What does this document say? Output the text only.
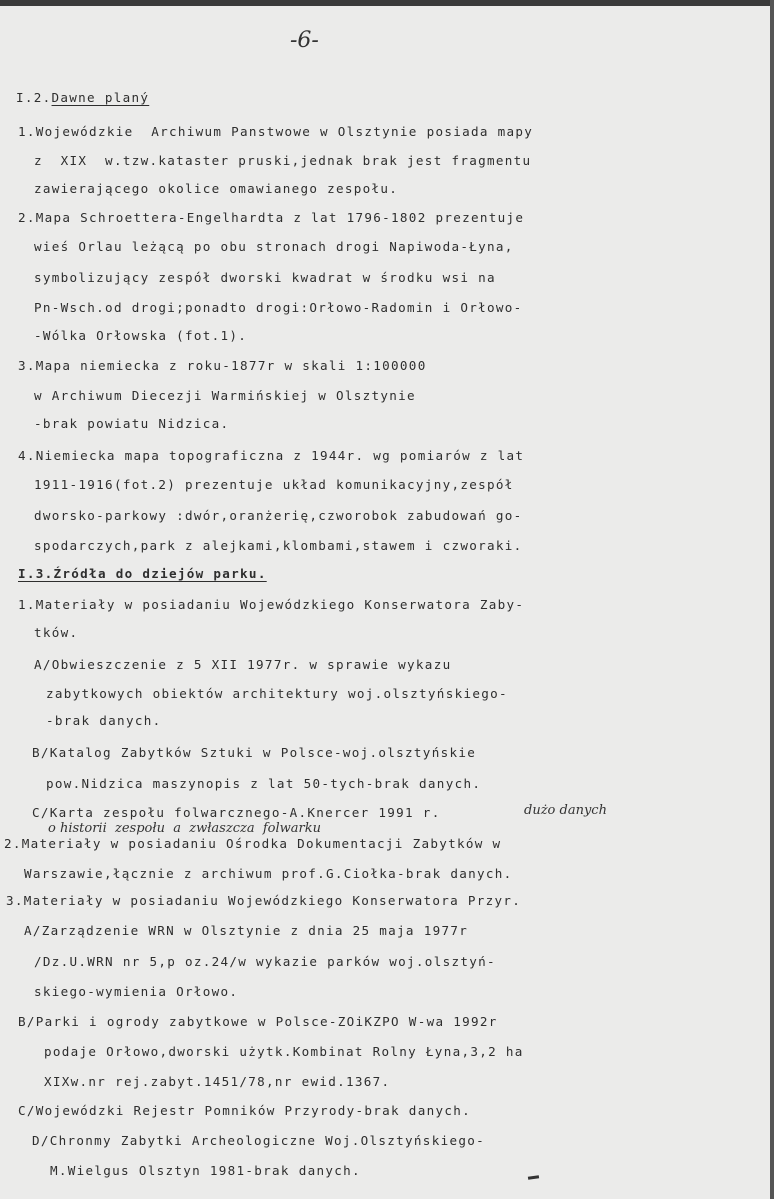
-6-
I.2.Dawne planý
1.Wojewódzkie  Archiwum Panstwowe w Olsztynie posiada mapy
z  XIX  w.tzw.kataster pruski,jednak brak jest fragmentu
zawierającego okolice omawianego zespołu.
2.Mapa Schroettera-Engelhardta z lat 1796-1802 prezentuje
wieś Orlau leżącą po obu stronach drogi Napiwoda-Łyna,
symbolizujący zespół dworski kwadrat w środku wsi na
Pn-Wsch.od drogi;ponadto drogi:Orłowo-Radomin i Orłowo-
-Wólka Orłowska (fot.1).
3.Mapa niemiecka z roku-1877r w skali 1:100000
w Archiwum Diecezji Warmińskiej w Olsztynie
-brak powiatu Nidzica.
4.Niemiecka mapa topograficzna z 1944r. wg pomiarów z lat
1911-1916(fot.2) prezentuje układ komunikacyjny,zespół
dworsko-parkowy :dwór,oranżerię,czworobok zabudowań go-
spodarczych,park z alejkami,klombami,stawem i czworaki.
I.3.Źródła do dziejów parku.
1.Materiały w posiadaniu Wojewódzkiego Konserwatora Zaby-
tków.
A/Obwieszczenie z 5 XII 1977r. w sprawie wykazu
zabytkowych obiektów architektury woj.olsztyńskiego-
-brak danych.
B/Katalog Zabytków Sztuki w Polsce-woj.olsztyńskie
pow.Nidzica maszynopis z lat 50-tych-brak danych.
C/Karta zespołu folwarcznego-A.Knercer 1991 r.	dużo danych
o historii  zespołu  a  zwłaszcza  folwarku
2.Materiały w posiadaniu Ośrodka Dokumentacji Zabytków w
Warszawie,łącznie z archiwum prof.G.Ciołka-brak danych.
3.Materiały w posiadaniu Wojewódzkiego Konserwatora Przyr.
A/Zarządzenie WRN w Olsztynie z dnia 25 maja 1977r
/Dz.U.WRN nr 5,p oz.24/w wykazie parków woj.olsztyń-
skiego-wymienia Orłowo.
B/Parki i ogrody zabytkowe w Polsce-ZOiKZPO W-wa 1992r
podaje Orłowo,dworski użytk.Kombinat Rolny Łyna,3,2 ha
XIXw.nr rej.zabyt.1451/78,nr ewid.1367.
C/Wojewódzki Rejestr Pomników Przyrody-brak danych.
D/Chronmy Zabytki Archeologiczne Woj.Olsztyńskiego-
M.Wielgus Olsztyn 1981-brak danych.
